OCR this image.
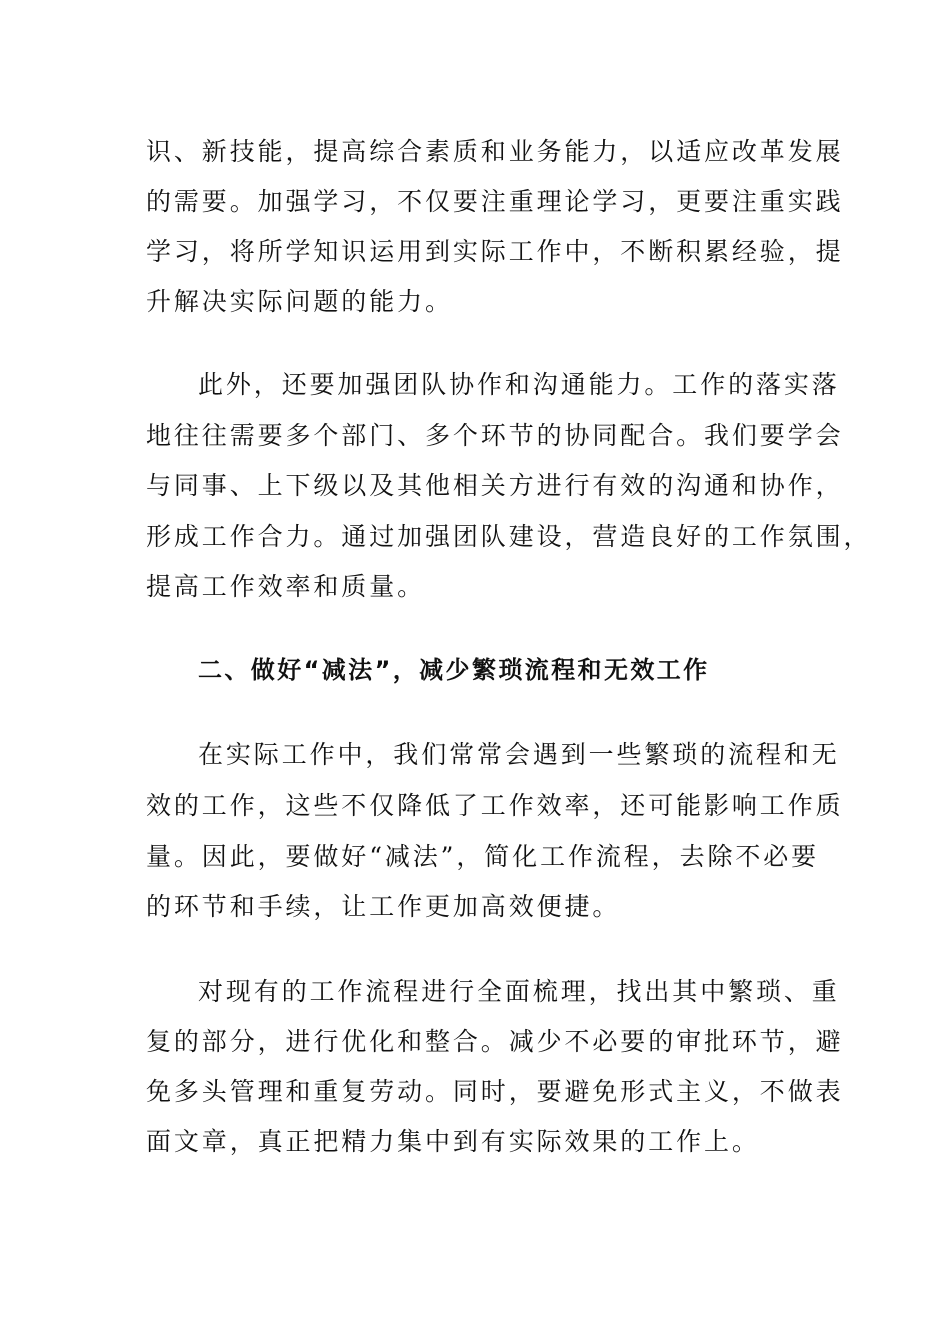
识、新技能，提高综合素质和业务能力，以适应改革发展
的需要。加强学习，不仅要注重理论学习，更要注重实践
学习，将所学知识运用到实际工作中，不断积累经验，提
升解决实际问题的能力。
此外，还要加强团队协作和沟通能力。工作的落实落
地往往需要多个部门、多个环节的协同配合。我们要学会
与同事、上下级以及其他相关方进行有效的沟通和协作，
形成工作合力。通过加强团队建设，营造良好的工作氛围，
提高工作效率和质量。
二、做好“减法”，减少繁琐流程和无效工作
在实际工作中，我们常常会遇到一些繁琐的流程和无
效的工作，这些不仅降低了工作效率，还可能影响工作质
量。因此，要做好“减法”，简化工作流程，去除不必要
的环节和手续，让工作更加高效便捷。
对现有的工作流程进行全面梳理，找出其中繁琐、重
复的部分，进行优化和整合。减少不必要的审批环节，避
免多头管理和重复劳动。同时，要避免形式主义，不做表
面文章，真正把精力集中到有实际效果的工作上。
